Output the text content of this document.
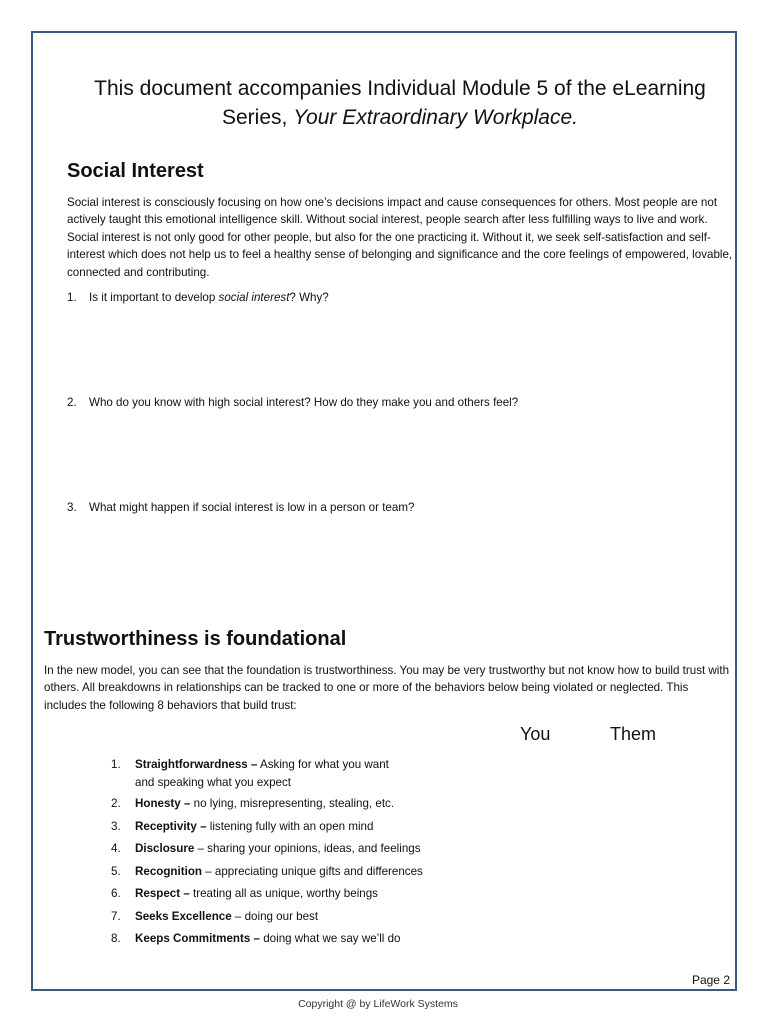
This document accompanies Individual Module 5 of the eLearning
Series, Your Extraordinary Workplace.
Social Interest

Social interest is consciously focusing on how one’s decisions impact and cause consequences for others. Most people are not actively taught this emotional intelligence skill. Without social interest, people search after less fulfilling ways to live and work. Social interest is not only good for other people, but also for the one practicing it. Without it, we seek self-satisfaction and self-interest which does not help us to feel a healthy sense of belonging and significance and the core feelings of empowered, lovable, connected and contributing.

1. Is it important to develop social interest? Why?
2. Who do you know with high social interest? How do they make you and others feel?
3. What might happen if social interest is low in a person or team?
Trustworthiness is foundational

In the new model, you can see that the foundation is trustworthiness. You may be very trustworthy but not know how to build trust with others. All breakdowns in relationships can be tracked to one or more of the behaviors below being violated or neglected. This includes the following 8 behaviors that build trust:

You	Them
1. Straightforwardness – Asking for what you want and speaking what you expect
2. Honesty – no lying, misrepresenting, stealing, etc.
3. Receptivity – listening fully with an open mind
4. Disclosure – sharing your opinions, ideas, and feelings
5. Recognition – appreciating unique gifts and differences
6. Respect – treating all as unique, worthy beings
7. Seeks Excellence – doing our best
8. Keeps Commitments – doing what we say we’ll do
Page 2
Copyright @ by LifeWork Systems
